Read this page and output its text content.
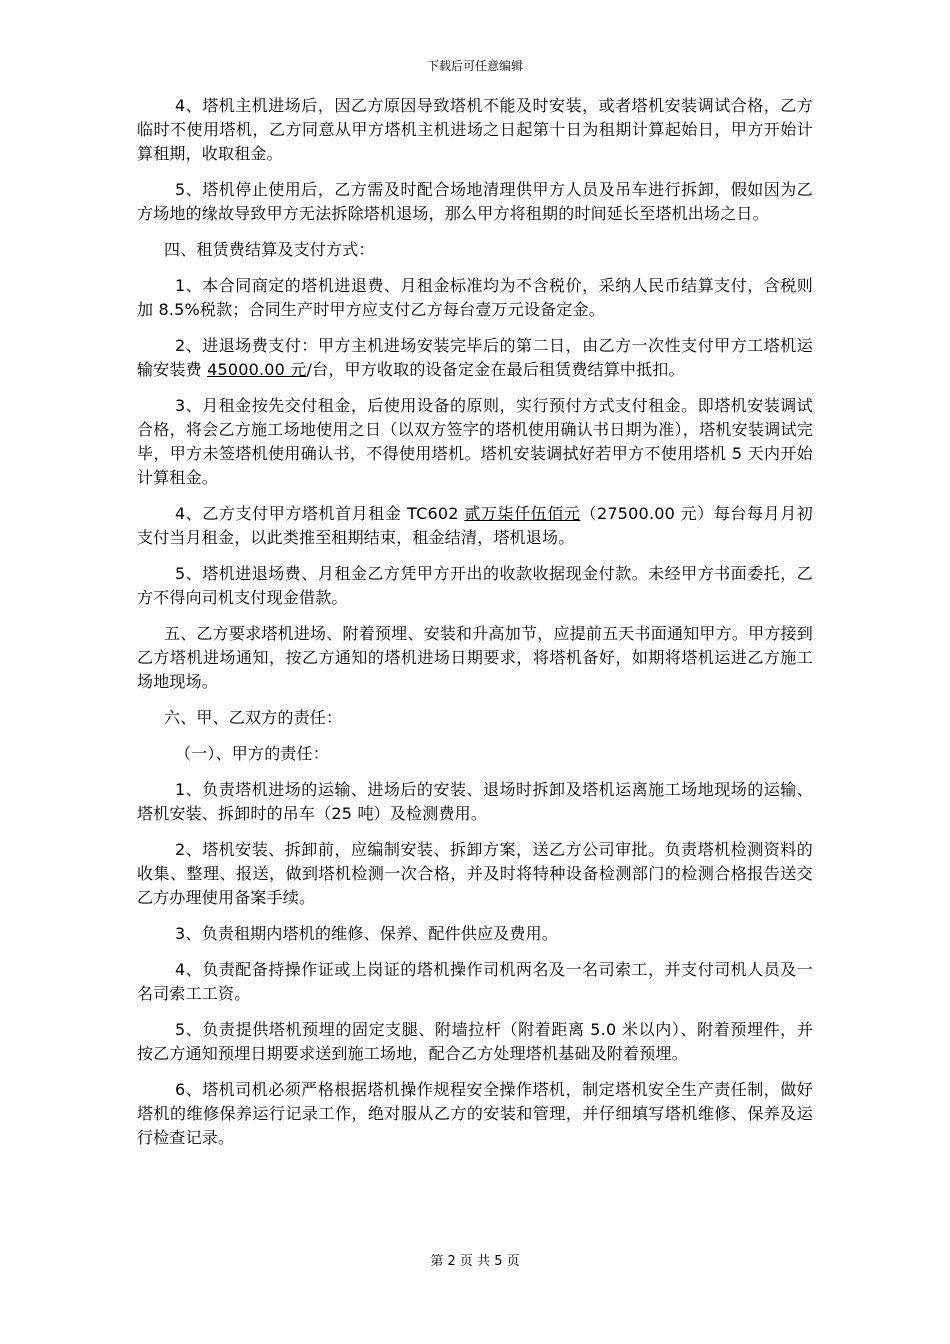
下载后可任意编辑

4、塔机主机进场后，因乙方原因导致塔机不能及时安装，或者塔机安装调试合格，乙方临时不使用塔机，乙方同意从甲方塔机主机进场之日起第十日为租期计算起始日，甲方开始计算租期，收取租金。

5、塔机停止使用后，乙方需及时配合场地清理供甲方人员及吊车进行拆卸，假如因为乙方场地的缘故导致甲方无法拆除塔机退场，那么甲方将租期的时间延长至塔机出场之日。

四、租赁费结算及支付方式：

1、本合同商定的塔机进退费、月租金标准均为不含税价，采纳人民币结算支付，含税则加 8.5%税款；合同生产时甲方应支付乙方每台壹万元设备定金。

2、进退场费支付：甲方主机进场安装完毕后的第二日，由乙方一次性支付甲方工塔机运输安装费 45000.00 元/台，甲方收取的设备定金在最后租赁费结算中抵扣。

3、月租金按先交付租金，后使用设备的原则，实行预付方式支付租金。即塔机安装调试合格，将会乙方施工场地使用之日（以双方签字的塔机使用确认书日期为准），塔机安装调试完毕，甲方未签塔机使用确认书，不得使用塔机。塔机安装调拭好若甲方不使用塔机 5 天内开始计算租金。

4、乙方支付甲方塔机首月租金 TC602 贰万柒仟伍佰元（27500.00 元）每台每月月初支付当月租金，以此类推至租期结束，租金结清，塔机退场。

5、塔机进退场费、月租金乙方凭甲方开出的收款收据现金付款。未经甲方书面委托，乙方不得向司机支付现金借款。

五、乙方要求塔机进场、附着预埋、安装和升高加节，应提前五天书面通知甲方。甲方接到乙方塔机进场通知，按乙方通知的塔机进场日期要求，将塔机备好，如期将塔机运进乙方施工场地现场。

六、甲、乙双方的责任：

（一）、甲方的责任：

1、负责塔机进场的运输、进场后的安装、退场时拆卸及塔机运离施工场地现场的运输、塔机安装、拆卸时的吊车（25 吨）及检测费用。

2、塔机安装、拆卸前，应编制安装、拆卸方案，送乙方公司审批。负责塔机检测资料的收集、整理、报送，做到塔机检测一次合格，并及时将特种设备检测部门的检测合格报告送交乙方办理使用备案手续。

3、负责租期内塔机的维修、保养、配件供应及费用。

4、负责配备持操作证或上岗证的塔机操作司机两名及一名司索工，并支付司机人员及一名司索工工资。

5、负责提供塔机预埋的固定支腿、附墙拉杆（附着距离 5.0 米以内）、附着预埋件，并按乙方通知预埋日期要求送到施工场地，配合乙方处理塔机基础及附着预埋。

6、塔机司机必须严格根据塔机操作规程安全操作塔机，制定塔机安全生产责任制，做好塔机的维修保养运行记录工作，绝对服从乙方的安装和管理，并仔细填写塔机维修、保养及运行检查记录。

第 2 页 共 5 页
